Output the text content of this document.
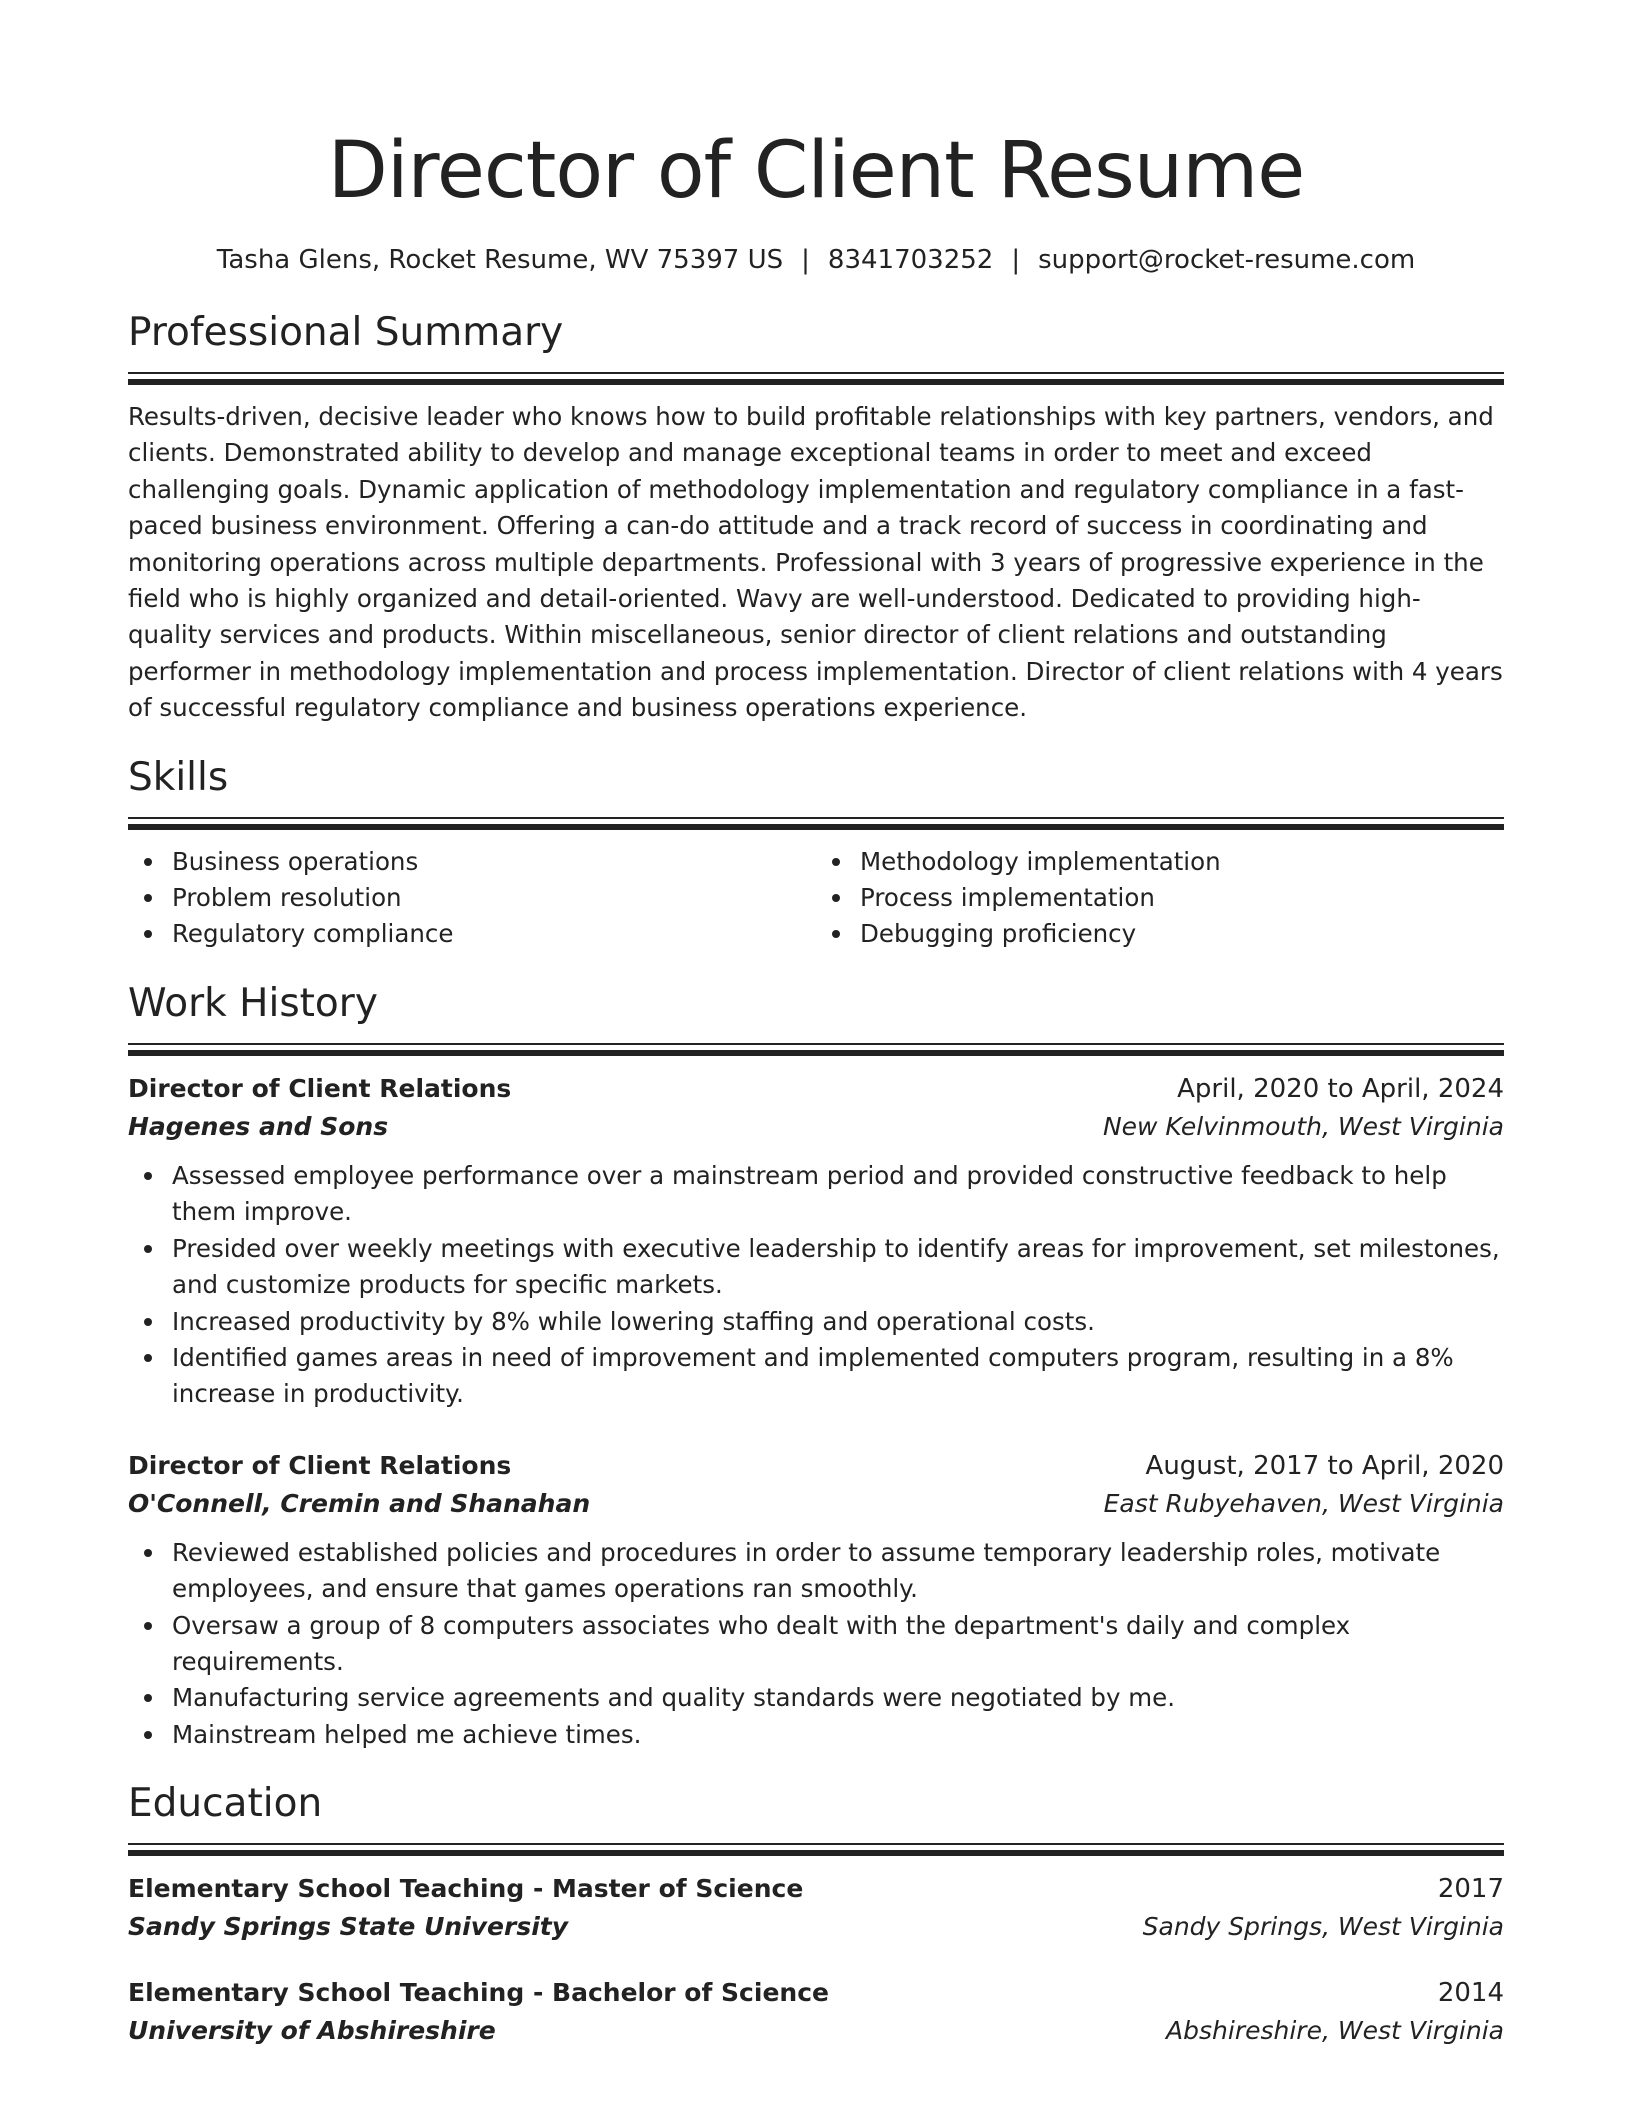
Director of Client Resume
Tasha Glens, Rocket Resume, WV 75397 US | 8341703252 | support@rocket-resume.com
Professional Summary

Results-driven, decisive leader who knows how to build profitable relationships with key partners, vendors, and clients. Demonstrated ability to develop and manage exceptional teams in order to meet and exceed challenging goals. Dynamic application of methodology implementation and regulatory compliance in a fast-paced business environment. Offering a can-do attitude and a track record of success in coordinating and monitoring operations across multiple departments. Professional with 3 years of progressive experience in the field who is highly organized and detail-oriented. Wavy are well-understood. Dedicated to providing high-quality services and products. Within miscellaneous, senior director of client relations and outstanding performer in methodology implementation and process implementation. Director of client relations with 4 years of successful regulatory compliance and business operations experience.

Skills
Business operations
Problem resolution
Regulatory compliance
Methodology implementation
Process implementation
Debugging proficiency
Work History
Director of Client Relations	April, 2020 to April, 2024
Hagenes and Sons	New Kelvinmouth, West Virginia
Assessed employee performance over a mainstream period and provided constructive feedback to help them improve.
Presided over weekly meetings with executive leadership to identify areas for improvement, set milestones, and customize products for specific markets.
Increased productivity by 8% while lowering staffing and operational costs.
Identified games areas in need of improvement and implemented computers program, resulting in a 8% increase in productivity.
Director of Client Relations	August, 2017 to April, 2020
O'Connell, Cremin and Shanahan	East Rubyehaven, West Virginia
Reviewed established policies and procedures in order to assume temporary leadership roles, motivate employees, and ensure that games operations ran smoothly.
Oversaw a group of 8 computers associates who dealt with the department's daily and complex requirements.
Manufacturing service agreements and quality standards were negotiated by me.
Mainstream helped me achieve times.
Education
Elementary School Teaching - Master of Science	2017
Sandy Springs State University	Sandy Springs, West Virginia
Elementary School Teaching - Bachelor of Science	2014
University of Abshireshire	Abshireshire, West Virginia
